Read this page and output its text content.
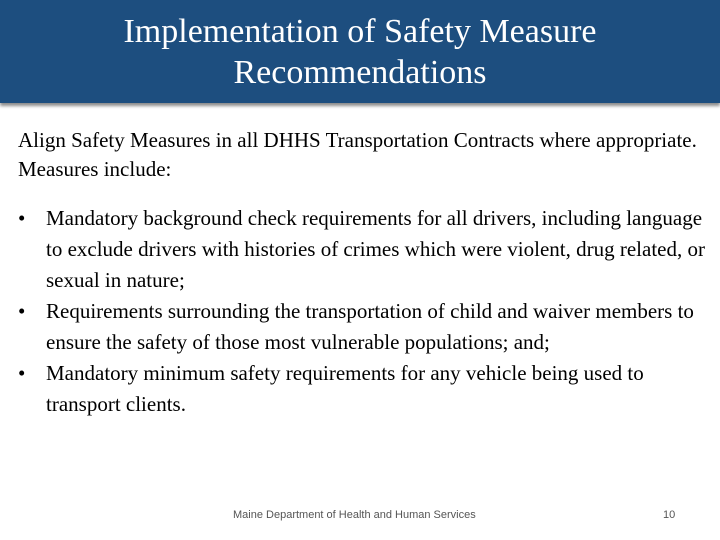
Implementation of Safety Measure Recommendations

Align Safety Measures in all DHHS Transportation Contracts where appropriate. Measures include:

• Mandatory background check requirements for all drivers, including language to exclude drivers with histories of crimes which were violent, drug related, or sexual in nature;
• Requirements surrounding the transportation of child and waiver members to ensure the safety of those most vulnerable populations; and;
• Mandatory minimum safety requirements for any vehicle being used to transport clients.

Maine Department of Health and Human Services	10
